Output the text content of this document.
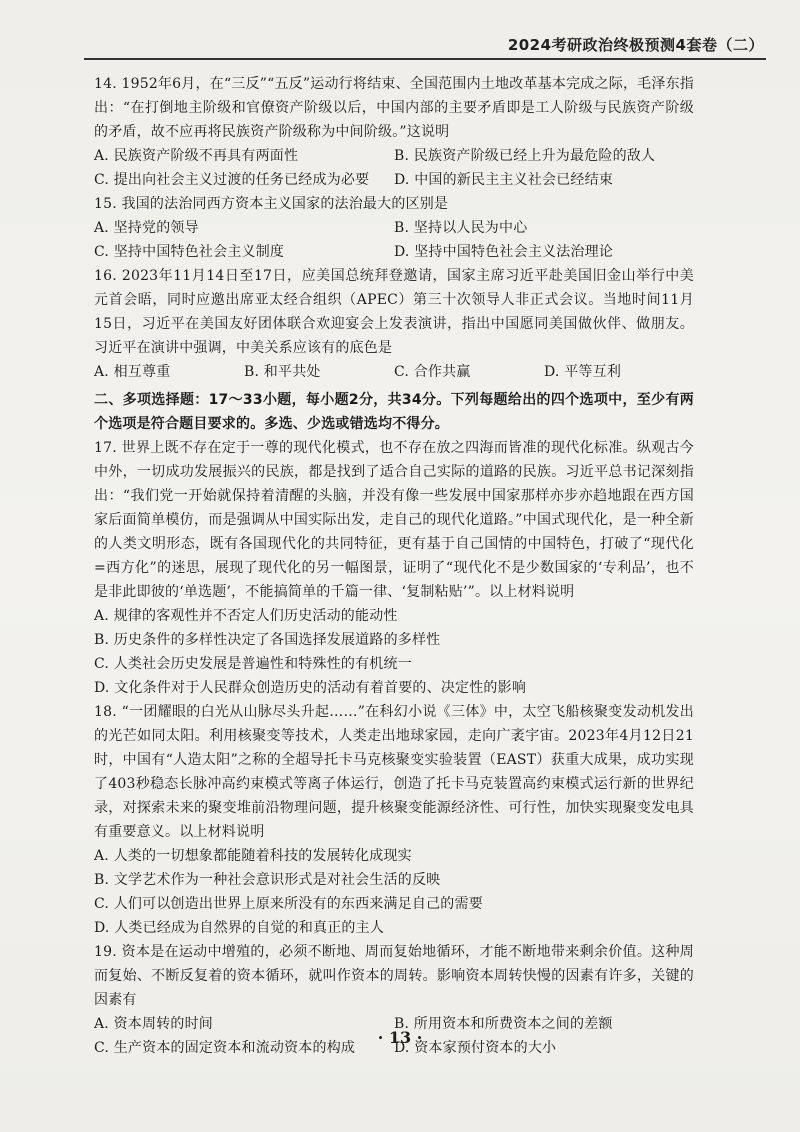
2024考研政治终极预测4套卷（二）

14. 1952年6月，在“三反”“五反”运动行将结束、全国范围内土地改革基本完成之际，毛泽东指出：“在打倒地主阶级和官僚资产阶级以后，中国内部的主要矛盾即是工人阶级与民族资产阶级的矛盾，故不应再将民族资产阶级称为中间阶级。”这说明

A. 民族资产阶级不再具有两面性	B. 民族资产阶级已经上升为最危险的敌人
C. 提出向社会主义过渡的任务已经成为必要	D. 中国的新民主主义社会已经结束

15. 我国的法治同西方资本主义国家的法治最大的区别是

A. 坚持党的领导	B. 坚持以人民为中心
C. 坚持中国特色社会主义制度	D. 坚持中国特色社会主义法治理论

16. 2023年11月14日至17日，应美国总统拜登邀请，国家主席习近平赴美国旧金山举行中美元首会晤，同时应邀出席亚太经合组织（APEC）第三十次领导人非正式会议。当地时间11月15日，习近平在美国友好团体联合欢迎宴会上发表演讲，指出中国愿同美国做伙伴、做朋友。习近平在演讲中强调，中美关系应该有的底色是

A. 相互尊重	B. 和平共处	C. 合作共赢	D. 平等互利

二、多项选择题：17～33小题，每小题2分，共34分。下列每题给出的四个选项中，至少有两个选项是符合题目要求的。多选、少选或错选均不得分。

17. 世界上既不存在定于一尊的现代化模式，也不存在放之四海而皆准的现代化标准。纵观古今中外，一切成功发展振兴的民族，都是找到了适合自己实际的道路的民族。习近平总书记深刻指出：“我们党一开始就保持着清醒的头脑，并没有像一些发展中国家那样亦步亦趋地跟在西方国家后面简单模仿，而是强调从中国实际出发，走自己的现代化道路。”中国式现代化，是一种全新的人类文明形态，既有各国现代化的共同特征，更有基于自己国情的中国特色，打破了“现代化=西方化”的迷思，展现了现代化的另一幅图景，证明了“现代化不是少数国家的‘专利品’，也不是非此即彼的‘单选题’，不能搞简单的千篇一律、‘复制粘贴’”。以上材料说明

A. 规律的客观性并不否定人们历史活动的能动性

B. 历史条件的多样性决定了各国选择发展道路的多样性

C. 人类社会历史发展是普遍性和特殊性的有机统一

D. 文化条件对于人民群众创造历史的活动有着首要的、决定性的影响

18. “一团耀眼的白光从山脉尽头升起……”在科幻小说《三体》中，太空飞船核聚变发动机发出的光芒如同太阳。利用核聚变等技术，人类走出地球家园，走向广袤宇宙。2023年4月12日21时，中国有“人造太阳”之称的全超导托卡马克核聚变实验装置（EAST）获重大成果，成功实现了403秒稳态长脉冲高约束模式等离子体运行，创造了托卡马克装置高约束模式运行新的世界纪录，对探索未来的聚变堆前沿物理问题，提升核聚变能源经济性、可行性，加快实现聚变发电具有重要意义。以上材料说明

A. 人类的一切想象都能随着科技的发展转化成现实

B. 文学艺术作为一种社会意识形式是对社会生活的反映

C. 人们可以创造出世界上原来所没有的东西来满足自己的需要

D. 人类已经成为自然界的自觉的和真正的主人

19. 资本是在运动中增殖的，必须不断地、周而复始地循环，才能不断地带来剩余价值。这种周而复始、不断反复着的资本循环，就叫作资本的周转。影响资本周转快慢的因素有许多，关键的因素有

A. 资本周转的时间	B. 所用资本和所费资本之间的差额
C. 生产资本的固定资本和流动资本的构成	D. 资本家预付资本的大小
· 13 ·
